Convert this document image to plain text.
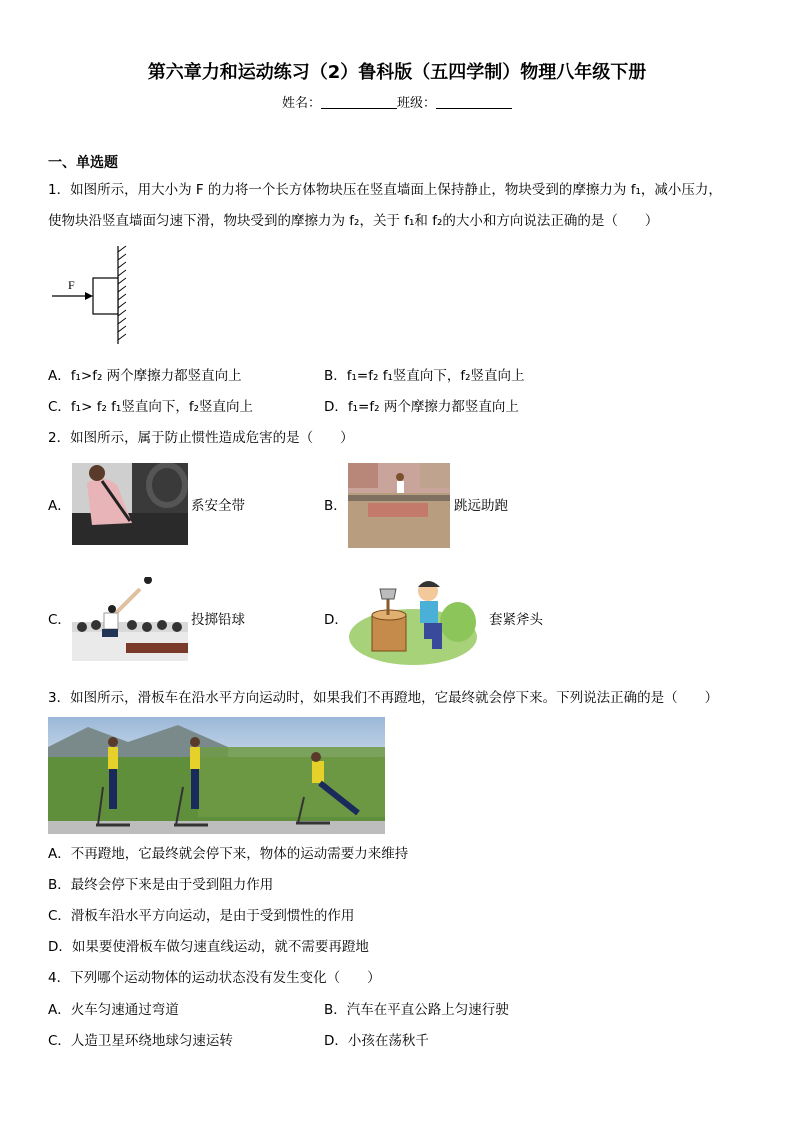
第六章力和运动练习（2）鲁科版（五四学制）物理八年级下册
姓名：	班级：
一、单选题
1．如图所示，用大小为 F 的力将一个长方体物块压在竖直墙面上保持静止，物块受到的摩擦力为 f₁，减小压力，
使物块沿竖直墙面匀速下滑，物块受到的摩擦力为 f₂，关于 f₁和 f₂的大小和方向说法正确的是（　　）
F
A．f₁>f₂ 两个摩擦力都竖直向上	B．f₁=f₂ f₁竖直向下，f₂竖直向上
C．f₁> f₂ f₁竖直向下，f₂竖直向上	D．f₁=f₂ 两个摩擦力都竖直向上
2．如图所示，属于防止惯性造成危害的是（　　）
A．	系安全带	B．	跳远助跑
C．	投掷铅球	D．	套紧斧头
3．如图所示，滑板车在沿水平方向运动时，如果我们不再蹬地，它最终就会停下来。下列说法正确的是（　　）
A．不再蹬地，它最终就会停下来，物体的运动需要力来维持
B．最终会停下来是由于受到阻力作用
C．滑板车沿水平方向运动，是由于受到惯性的作用
D．如果要使滑板车做匀速直线运动，就不需要再蹬地
4．下列哪个运动物体的运动状态没有发生变化（　　）
A．火车匀速通过弯道	B．汽车在平直公路上匀速行驶
C．人造卫星环绕地球匀速运转	D．小孩在荡秋千
